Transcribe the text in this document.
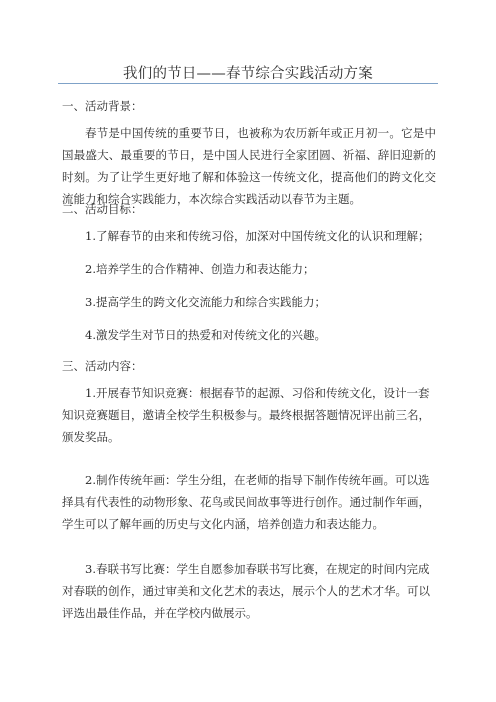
我们的节日——春节综合实践活动方案
一、活动背景：
春节是中国传统的重要节日，也被称为农历新年或正月初一。它是中国最盛大、最重要的节日，是中国人民进行全家团圆、祈福、辞旧迎新的时刻。为了让学生更好地了解和体验这一传统文化，提高他们的跨文化交流能力和综合实践能力，本次综合实践活动以春节为主题。
二、活动目标：
1.了解春节的由来和传统习俗，加深对中国传统文化的认识和理解；
2.培养学生的合作精神、创造力和表达能力；
3.提高学生的跨文化交流能力和综合实践能力；
4.激发学生对节日的热爱和对传统文化的兴趣。
三、活动内容：
1.开展春节知识竞赛：根据春节的起源、习俗和传统文化，设计一套知识竞赛题目，邀请全校学生积极参与。最终根据答题情况评出前三名，颁发奖品。
2.制作传统年画：学生分组，在老师的指导下制作传统年画。可以选择具有代表性的动物形象、花鸟或民间故事等进行创作。通过制作年画，学生可以了解年画的历史与文化内涵，培养创造力和表达能力。
3.春联书写比赛：学生自愿参加春联书写比赛，在规定的时间内完成对春联的创作，通过审美和文化艺术的表达，展示个人的艺术才华。可以评选出最佳作品，并在学校内做展示。
